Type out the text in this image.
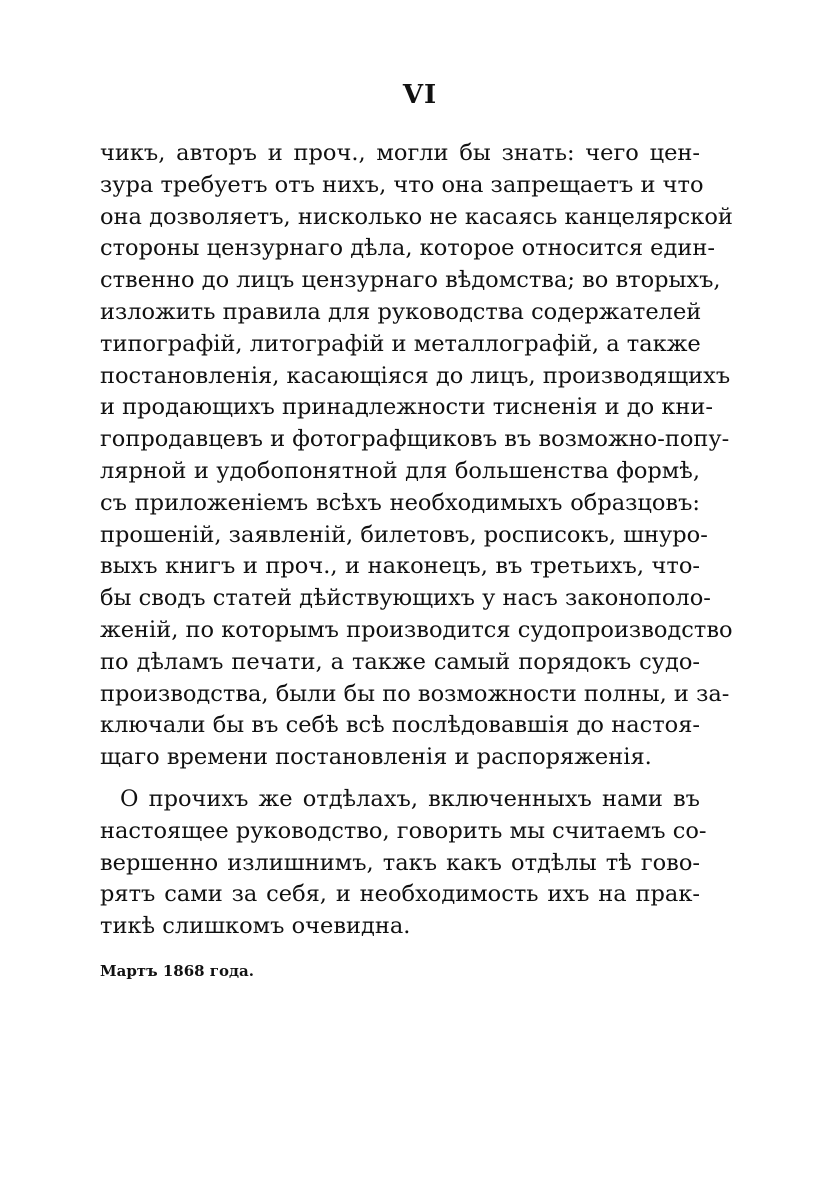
VI
чикъ, авторъ и проч., могли бы знать: чего цен-
зура требуетъ отъ нихъ, что она запрещаетъ и что
она дозволяетъ, нисколько не касаясь канцелярской
стороны цензурнаго дѣла, которое относится един-
ственно до лицъ цензурнаго вѣдомства; во вторыхъ,
изложить правила для руководства содержателей
типографій, литографій и металлографій, а также
постановленія, касающіяся до лицъ, производящихъ
и продающихъ принадлежности тисненія и до кни-
гопродавцевъ и фотографщиковъ въ возможно-попу-
лярной и удобопонятной для большенства формѣ,
съ приложеніемъ всѣхъ необходимыхъ образцовъ:
прошеній, заявленій, билетовъ, росписокъ, шнуро-
выхъ книгъ и проч., и наконецъ, въ третьихъ, что-
бы сводъ статей дѣйствующихъ у насъ законополо-
женій, по которымъ производится судопроизводство
по дѣламъ печати, а также самый порядокъ судо-
производства, были бы по возможности полны, и за-
ключали бы въ себѣ всѣ послѣдовавшія до настоя-
щаго времени постановленія и распоряженія.
О прочихъ же отдѣлахъ, включенныхъ нами въ
настоящее руководство, говорить мы считаемъ со-
вершенно излишнимъ, такъ какъ отдѣлы тѣ гово-
рятъ сами за себя, и необходимость ихъ на прак-
тикѣ слишкомъ очевидна.
Мартъ 1868 года.
